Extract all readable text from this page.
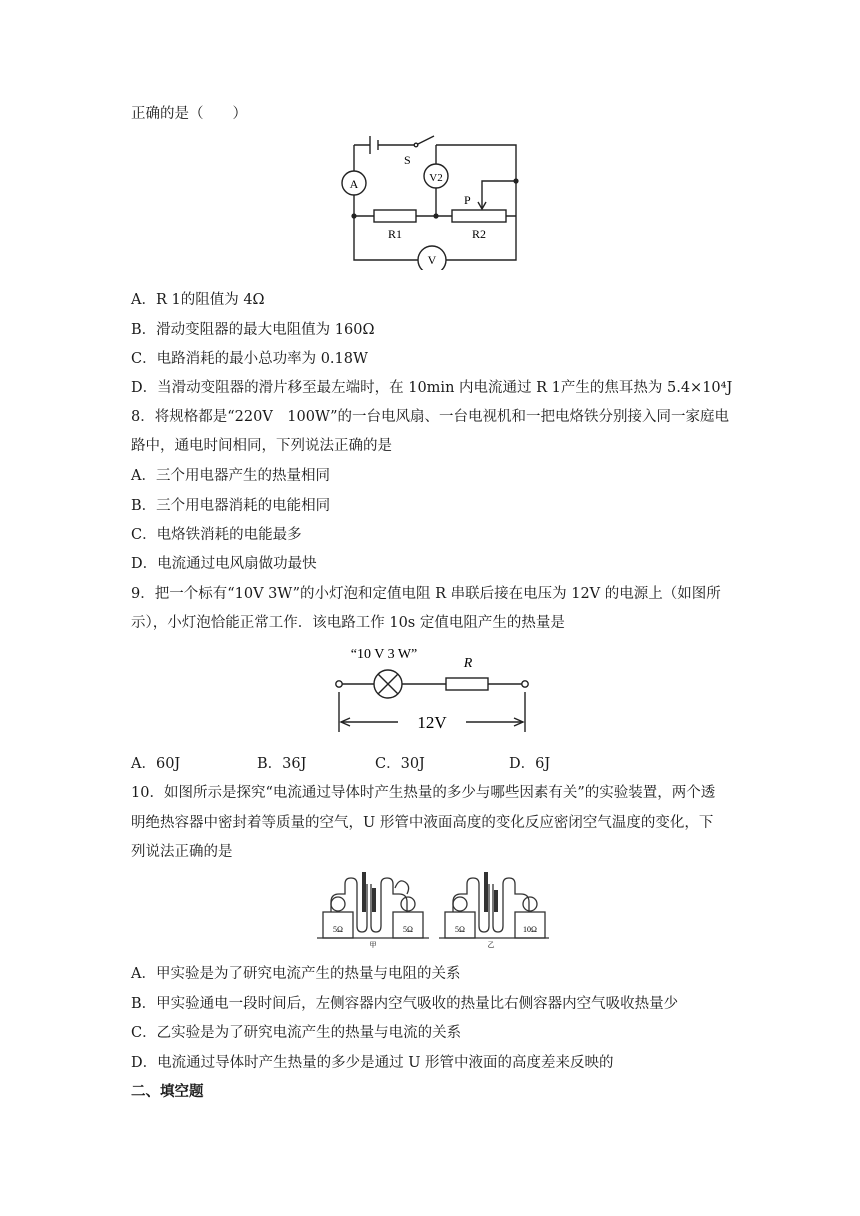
正确的是（　　）
A
S
V2
P
R1	R2
V
A．R 1的阻值为 4Ω
B．滑动变阻器的最大电阻值为 160Ω
C．电路消耗的最小总功率为 0.18W
D．当滑动变阻器的滑片移至最左端时，在 10min 内电流通过 R 1产生的焦耳热为 5.4×10⁴J
8．将规格都是“220V　100W”的一台电风扇、一台电视机和一把电烙铁分别接入同一家庭电
路中，通电时间相同，下列说法正确的是
A．三个用电器产生的热量相同
B．三个用电器消耗的电能相同
C．电烙铁消耗的电能最多
D．电流通过电风扇做功最快
9．把一个标有“10V 3W”的小灯泡和定值电阻 R 串联后接在电压为 12V 的电源上（如图所
示），小灯泡恰能正常工作．该电路工作 10s 定值电阻产生的热量是
“10 V 3 W”
R
12V
A．60J	B．36J	C．30J	D．6J
10．如图所示是探究“电流通过导体时产生热量的多少与哪些因素有关”的实验装置，两个透
明绝热容器中密封着等质量的空气，U 形管中液面高度的变化反应密闭空气温度的变化，下
列说法正确的是
5Ω	5Ω
甲
5Ω	10Ω
乙
A．甲实验是为了研究电流产生的热量与电阻的关系
B．甲实验通电一段时间后，左侧容器内空气吸收的热量比右侧容器内空气吸收热量少
C．乙实验是为了研究电流产生的热量与电流的关系
D．电流通过导体时产生热量的多少是通过 U 形管中液面的高度差来反映的
二、填空题
